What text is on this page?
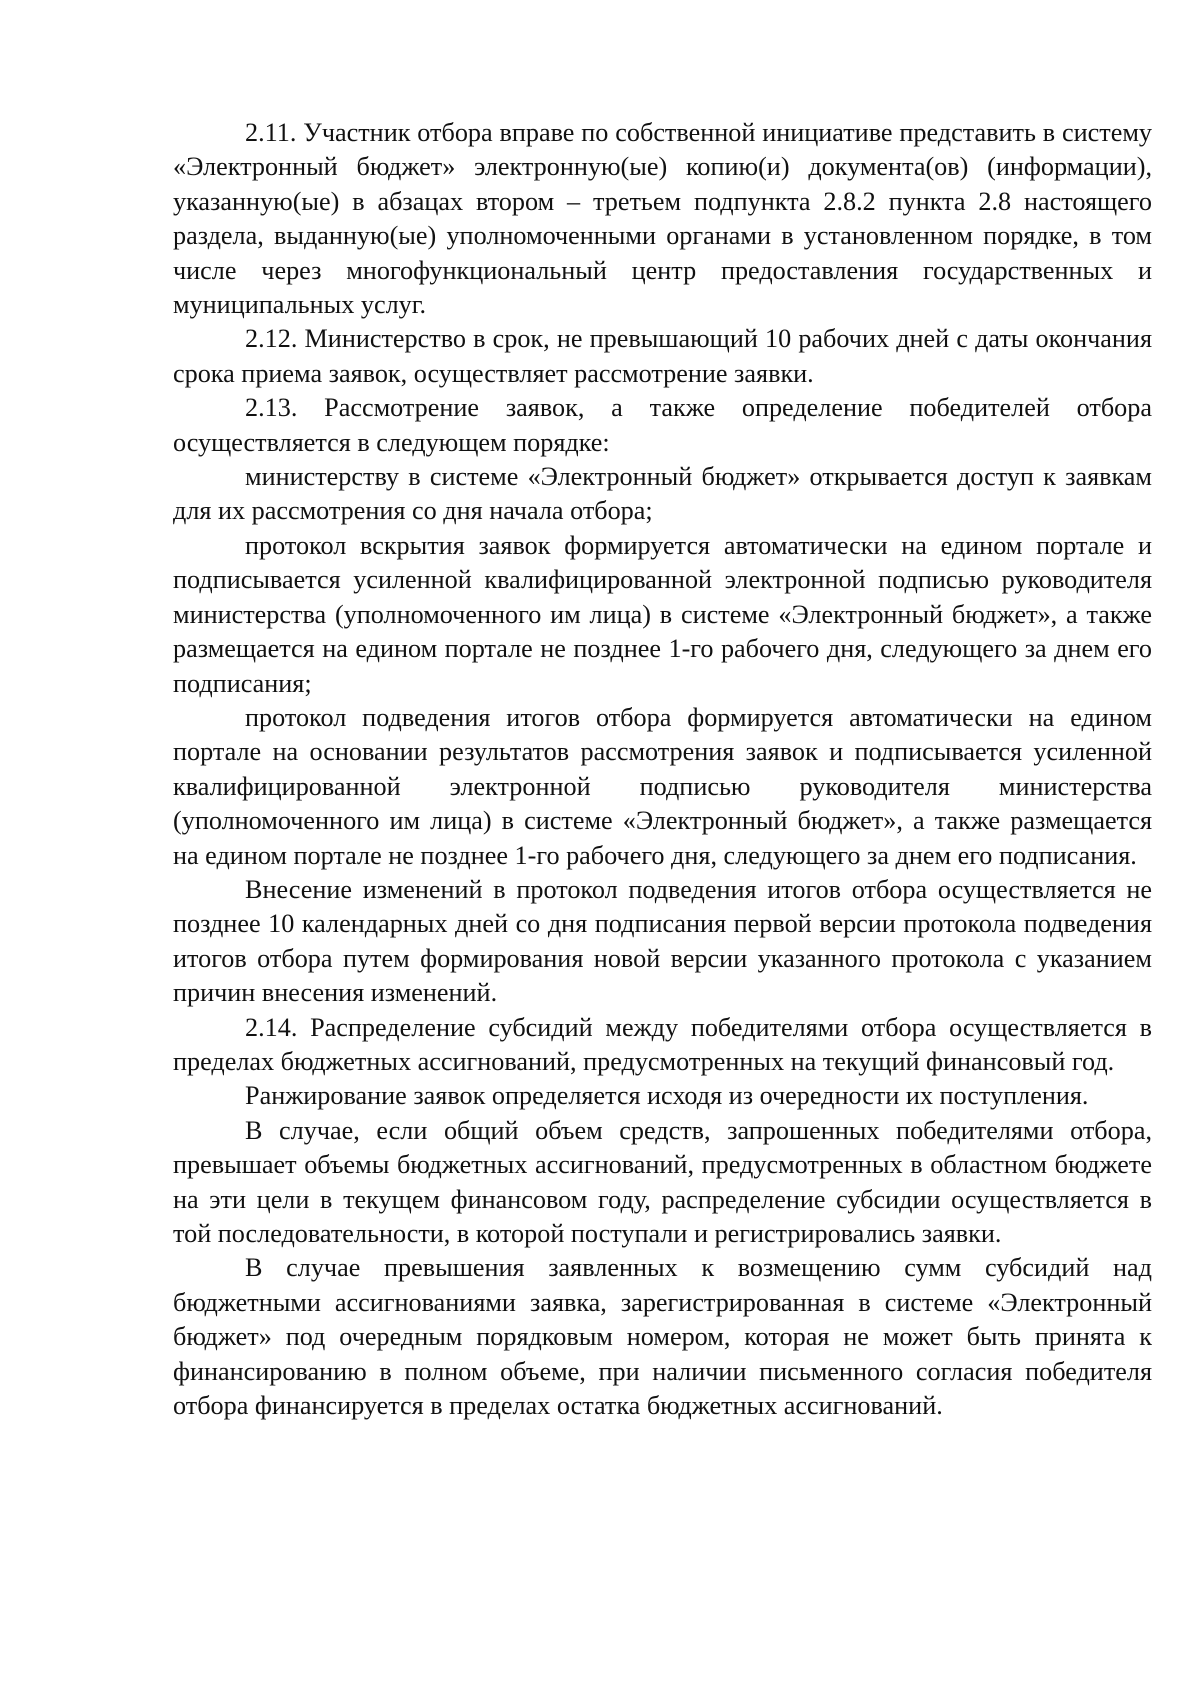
2.11. Участник отбора вправе по собственной инициативе представить в систему «Электронный бюджет» электронную(ые) копию(и) документа(ов) (информации), указанную(ые) в абзацах втором – третьем подпункта 2.8.2 пункта 2.8 настоящего раздела, выданную(ые) уполномоченными органами в установленном порядке, в том числе через многофункциональный центр предоставления государственных и муниципальных услуг.

2.12. Министерство в срок, не превышающий 10 рабочих дней с даты окончания срока приема заявок, осуществляет рассмотрение заявки.

2.13. Рассмотрение заявок, а также определение победителей отбора осуществляется в следующем порядке:

министерству в системе «Электронный бюджет» открывается доступ к заявкам для их рассмотрения со дня начала отбора;

протокол вскрытия заявок формируется автоматически на едином портале и подписывается усиленной квалифицированной электронной подписью руководителя министерства (уполномоченного им лица) в системе «Электронный бюджет», а также размещается на едином портале не позднее 1-го рабочего дня, следующего за днем его подписания;

протокол подведения итогов отбора формируется автоматически на едином портале на основании результатов рассмотрения заявок и подписывается усиленной квалифицированной электронной подписью руководителя министерства (уполномоченного им лица) в системе «Электронный бюджет», а также размещается на едином портале не позднее 1-го рабочего дня, следующего за днем его подписания.

Внесение изменений в протокол подведения итогов отбора осуществляется не позднее 10 календарных дней со дня подписания первой версии протокола подведения итогов отбора путем формирования новой версии указанного протокола с указанием причин внесения изменений.

2.14. Распределение субсидий между победителями отбора осуществляется в пределах бюджетных ассигнований, предусмотренных на текущий финансовый год.

Ранжирование заявок определяется исходя из очередности их поступления.

В случае, если общий объем средств, запрошенных победителями отбора, превышает объемы бюджетных ассигнований, предусмотренных в областном бюджете на эти цели в текущем финансовом году, распределение субсидии осуществляется в той последовательности, в которой поступали и регистрировались заявки.

В случае превышения заявленных к возмещению сумм субсидий над бюджетными ассигнованиями заявка, зарегистрированная в системе «Электронный бюджет» под очередным порядковым номером, которая не может быть принята к финансированию в полном объеме, при наличии письменного согласия победителя отбора финансируется в пределах остатка бюджетных ассигнований.
